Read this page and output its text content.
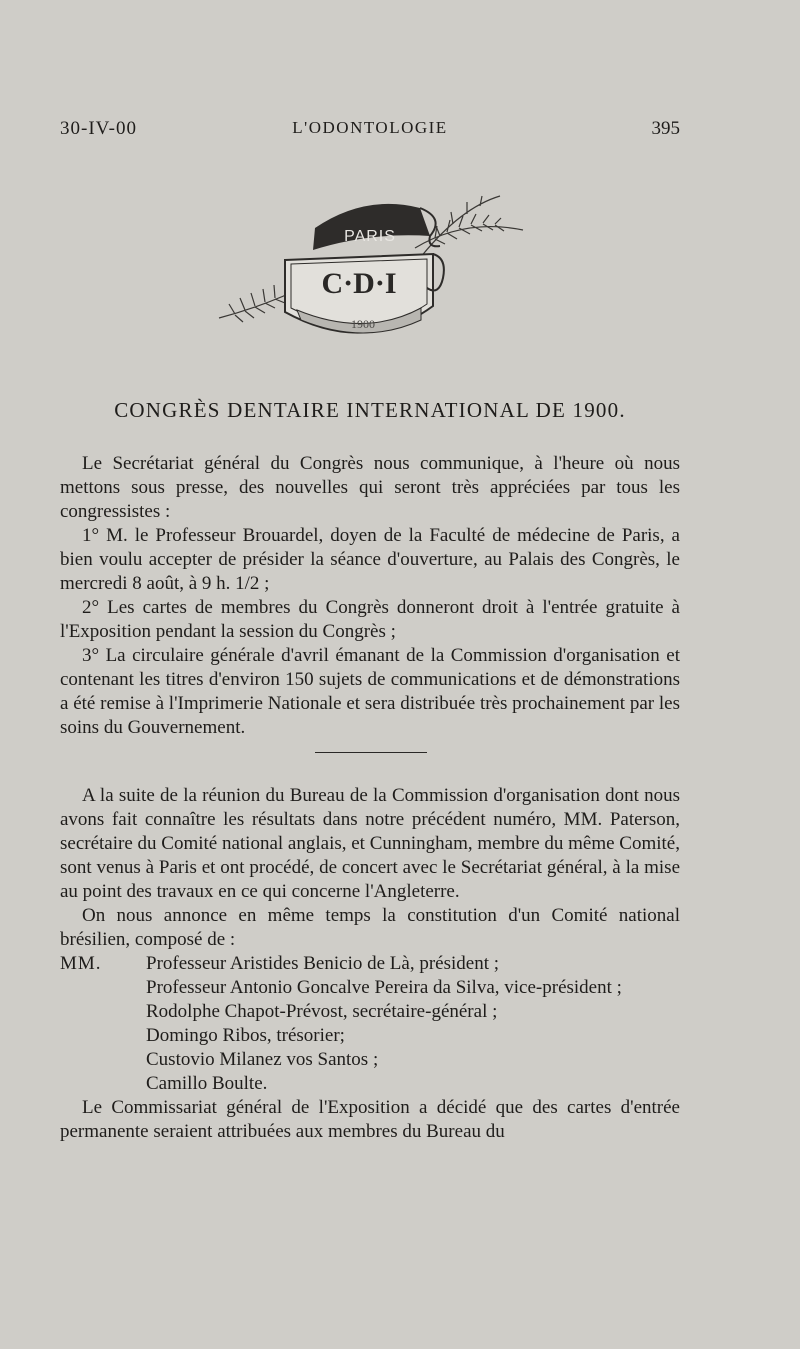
30-IV-00	L'ODONTOLOGIE	395
PARIS
C·D·I
1900
CONGRÈS DENTAIRE INTERNATIONAL DE 1900.

Le Secrétariat général du Congrès nous communique, à l'heure où nous mettons sous presse, des nouvelles qui seront très appréciées par tous les congressistes :

1° M. le Professeur Brouardel, doyen de la Faculté de médecine de Paris, a bien voulu accepter de présider la séance d'ouverture, au Palais des Congrès, le mercredi 8 août, à 9 h. 1/2 ;

2° Les cartes de membres du Congrès donneront droit à l'entrée gratuite à l'Exposition pendant la session du Congrès ;

3° La circulaire générale d'avril émanant de la Commission d'organisation et contenant les titres d'environ 150 sujets de communications et de démonstrations a été remise à l'Imprimerie Nationale et sera distribuée très prochainement par les soins du Gouvernement.

A la suite de la réunion du Bureau de la Commission d'organisation dont nous avons fait connaître les résultats dans notre précédent numéro, MM. Paterson, secrétaire du Comité national anglais, et Cunningham, membre du même Comité, sont venus à Paris et ont procédé, de concert avec le Secrétariat général, à la mise au point des travaux en ce qui concerne l'Angleterre.

On nous annonce en même temps la constitution d'un Comité national brésilien, composé de :

MM. Professeur Aristides Benicio de Là, président ;
Professeur Antonio Goncalve Pereira da Silva, vice-président ;
Rodolphe Chapot-Prévost, secrétaire-général ;
Domingo Ribos, trésorier;
Custovio Milanez vos Santos ;
Camillo Boulte.

Le Commissariat général de l'Exposition a décidé que des cartes d'entrée permanente seraient attribuées aux membres du Bureau du
